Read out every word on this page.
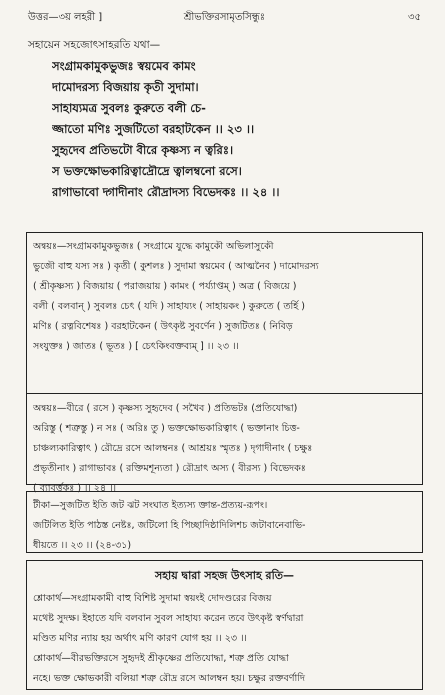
উত্তর—৩য় লহরী ]	শ্রীভক্তিরসামৃতসিন্ধুঃ	৩৫
সহায়েন সহজোৎসাহরতি যথা—
সংগ্রামকামুকভুজঃ স্বয়মেব কামং
দামোদরস্য বিজয়ায় কৃতী সুদামা।
সাহায্যমত্র সুবলঃ কুরুতে বলী চে-
জ্জাতো মণিঃ সুজটিতো বরহাটকেন ।। ২৩ ।।
সুহৃদেব প্রতিভটো বীরে কৃষ্ণস্য ন ত্বরিঃ।
স ভক্তক্ষোভকারিত্বাদ্রৌদ্রে ত্বালম্বনো রসে।
রাগাভাবো দ্গাদীনাং রৌদ্রাদস্য বিভেদকঃ ।। ২৪ ।।
অন্বয়ঃ—সংগ্রামকামুকভুজঃ ( সংগ্রামে যুদ্ধে কামুকৌ অভিলাসুকৌ
ভুজৌ বাহু যস্য সঃ ) কৃতী ( কুশলঃ ) সুদামা স্বয়মেব ( আত্মনৈব ) দামোদরস্য
( শ্রীকৃষ্ণস্য ) বিজয়ায় ( পরাজয়ায় ) কামং ( পর্য্যাপ্তম্ ) অত্র ( বিজয়ে )
বলী ( বলবান্ ) সুবলঃ চেৎ ( যদি ) সাহায্যং ( সাহায়কং ) কুরুতে ( তর্হি )
মণিঃ ( রত্নবিশেষঃ ) বরহাটকেন ( উৎকৃষ্ট সুবর্ণেন ) সুজটিতঃ ( নিবিড়
সংযুক্তঃ ) জাতঃ ( ভূতঃ ) [ চেৎকিংবক্তব্যম্ ] ।। ২৩ ।।
অন্বয়ঃ—বীরে ( রসে ) কৃষ্ণস্য সুহৃদেব ( সখৈব ) প্রতিভটঃ (প্রতিযোদ্ধা)
অরিস্তু ( শত্রুস্তু ) ন সঃ ( অরিঃ তু ) ভক্তক্ষোভকারিত্বাৎ ( ভক্তানাং চিত্ত-
চাঞ্চল্যকারিত্বাৎ ) রৌদ্রে রসে আলম্বনঃ ( আশ্রয়ঃ স্মৃতঃ ) দৃগাদীনাং ( চক্ষুঃ
প্রভৃতীনাং ) রাগাভাবঃ ( রক্তিমশূন্যতা ) রৌদ্রাৎ অস্য ( বীরস্য ) বিভেদকঃ
( ব্যাবর্ত্তকঃ ) ।। ২৪ ।।
টীকা—সুজটিত ইতি জট ঝট সংঘাত ইত্যস্য ক্তান্ত-প্রত্যয়-রূপং।
জটিলিত ইতি পাঠস্ত নেষ্টঃ, জটিলো হি পিচ্ছাদিষ্ঠাদিলিশচ জটাবানেবাভি-
ধীয়তে ।। ২৩ ।। (২৪-৩১)
সহায় দ্বারা সহজ উৎসাহ রতি—
শ্লোকার্থ—সংগ্রামকামী বাহু বিশিষ্ট সুদামা স্বয়ংই দোদণ্ডরের বিজয়
মথেষ্ট সুদক্ষ। ইহাতে যদি বলবান সুবল সাহায্য করেন তবে উৎকৃষ্ট স্বর্ণদ্বারা
মণ্ডিত মণির ন্যায় হয় অর্থাৎ মণি কারণ যোগ হয় ।। ২৩ ।।
শ্লোকার্থ—বীরভক্তিরসে সুহৃদই শ্রীকৃষ্ণের প্রতিযোদ্ধা, শত্রু প্রতি যোদ্ধা
নহে। ভক্ত ক্ষোভকারী বলিয়া শত্রু রৌদ্র রসে আলম্বন হয়। চক্ষুর রক্তবর্ণাদি
